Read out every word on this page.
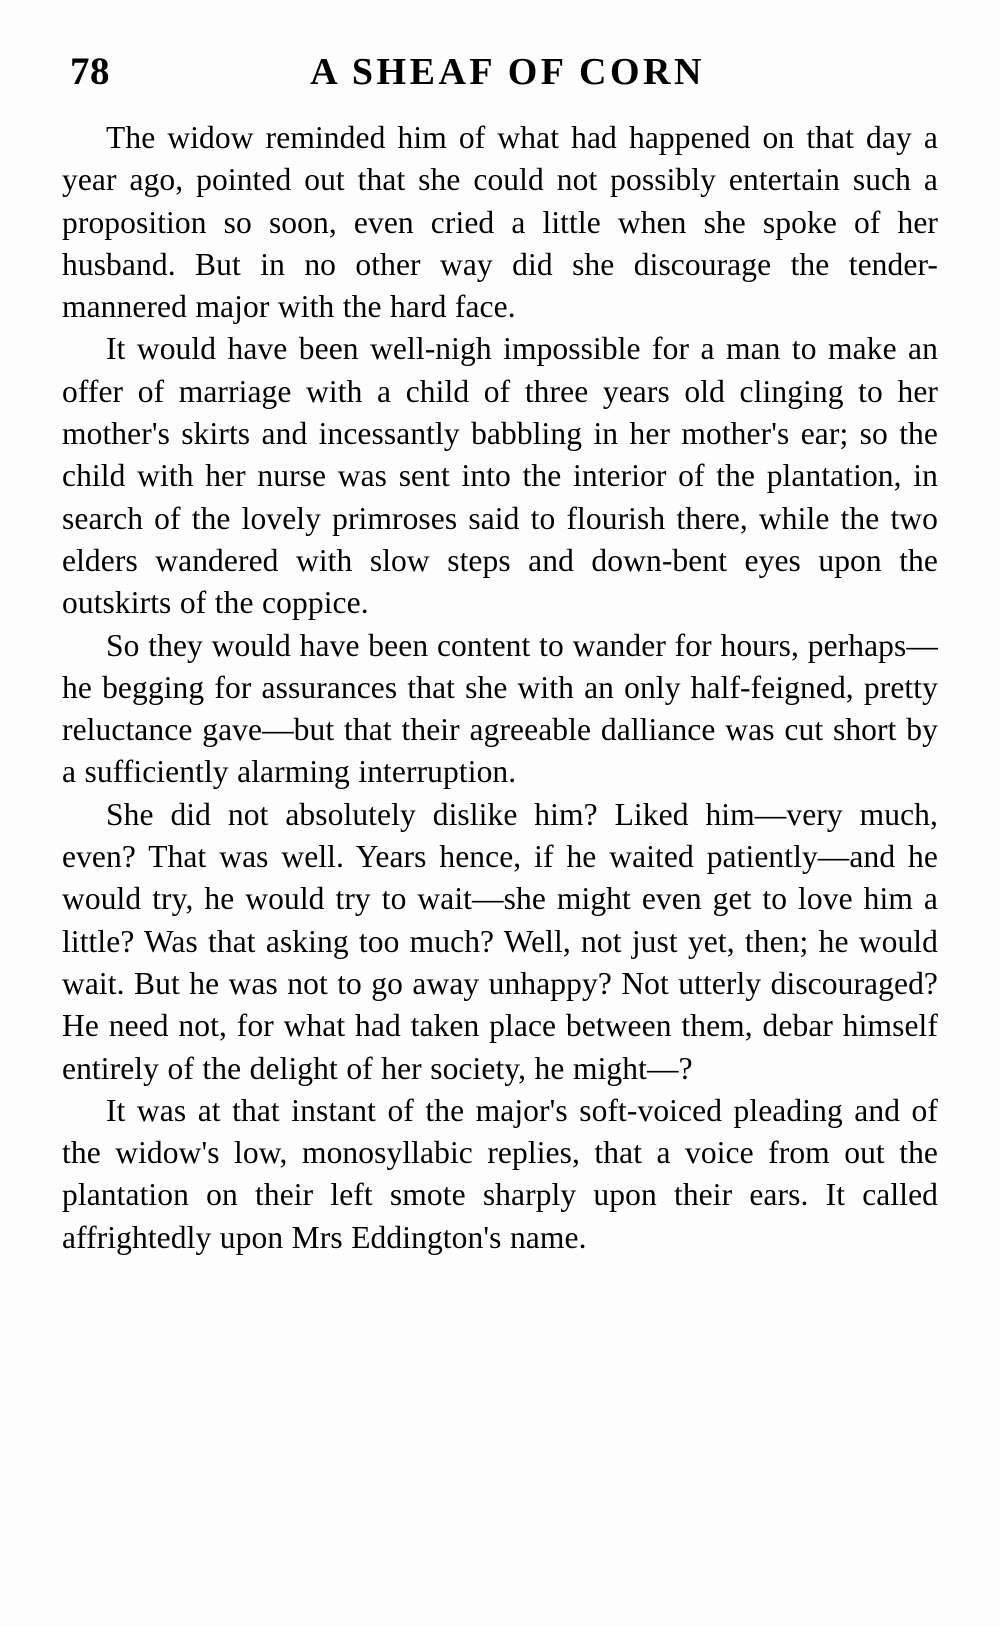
78	A SHEAF OF CORN

The widow reminded him of what had happened on that day a year ago, pointed out that she could not possibly entertain such a proposition so soon, even cried a little when she spoke of her husband. But in no other way did she discourage the tender-mannered major with the hard face.

It would have been well-nigh impossible for a man to make an offer of marriage with a child of three years old clinging to her mother's skirts and incessantly babbling in her mother's ear; so the child with her nurse was sent into the interior of the plantation, in search of the lovely primroses said to flourish there, while the two elders wandered with slow steps and down-bent eyes upon the outskirts of the coppice.

So they would have been content to wander for hours, perhaps—he begging for assurances that she with an only half-feigned, pretty reluctance gave—but that their agreeable dalliance was cut short by a sufficiently alarming interruption.

She did not absolutely dislike him? Liked him—very much, even? That was well. Years hence, if he waited patiently—and he would try, he would try to wait—she might even get to love him a little? Was that asking too much? Well, not just yet, then; he would wait. But he was not to go away unhappy? Not utterly discouraged? He need not, for what had taken place between them, debar himself entirely of the delight of her society, he might—?

It was at that instant of the major's soft-voiced pleading and of the widow's low, monosyllabic replies, that a voice from out the plantation on their left smote sharply upon their ears. It called affrightedly upon Mrs Eddington's name.
